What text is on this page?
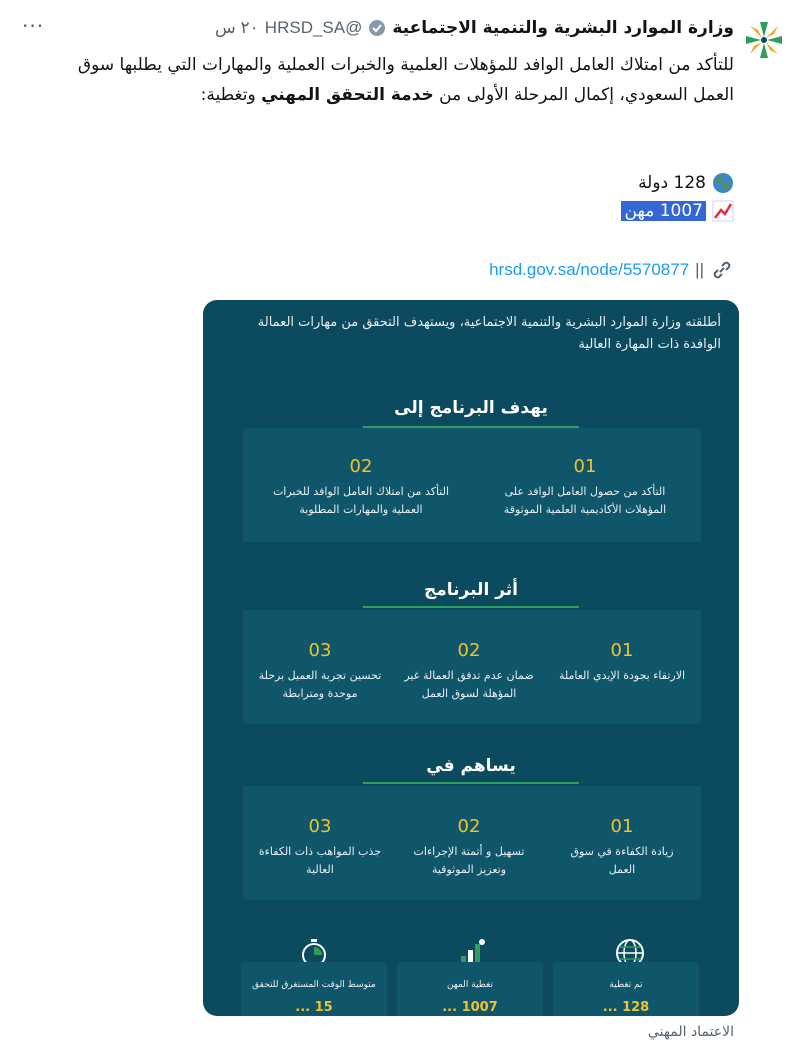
وزارة الموارد البشرية والتنمية الاجتماعية
@HRSD_SA
٢٠ س
···
للتأكد من امتلاك العامل الوافد للمؤهلات العلمية والخبرات العملية والمهارات التي يطلبها سوق العمل السعودي، إكمال المرحلة الأولى من خدمة التحقق المهني وتغطية:
128 دولة
1007 مهن
||
hrsd.gov.sa/node/5570877
أطلقته وزارة الموارد البشرية والتنمية الاجتماعية، ويستهدف التحقق من مهارات العمالة الوافدة ذات المهارة العالية
يهدف البرنامج إلى
01
التأكد من حصول العامل الوافد على المؤهلات الأكاديمية العلمية الموثوقة
02
التأكد من امتلاك العامل الوافد للخبرات العملية والمهارات المطلوبة
أثر البرنامج
01
الارتقاء بجودة الإيدي العاملة
02
ضمان عدم تدفق العمالة غير المؤهلة لسوق العمل
03
تحسين تجربة العميل برحلة موحدة ومترابطة
يساهم في
01
زيادة الكفاءة في سوق العمل
02
تسهيل و أتمتة الإجراءات وتعزيز الموثوقية
03
جذب المواهب ذات الكفاءة العالية
تم تغطية
128 ...
تغطية المهن
1007 ...
متوسط الوقت المستغرق للتحقق
15 ...
الاعتماد المهني
